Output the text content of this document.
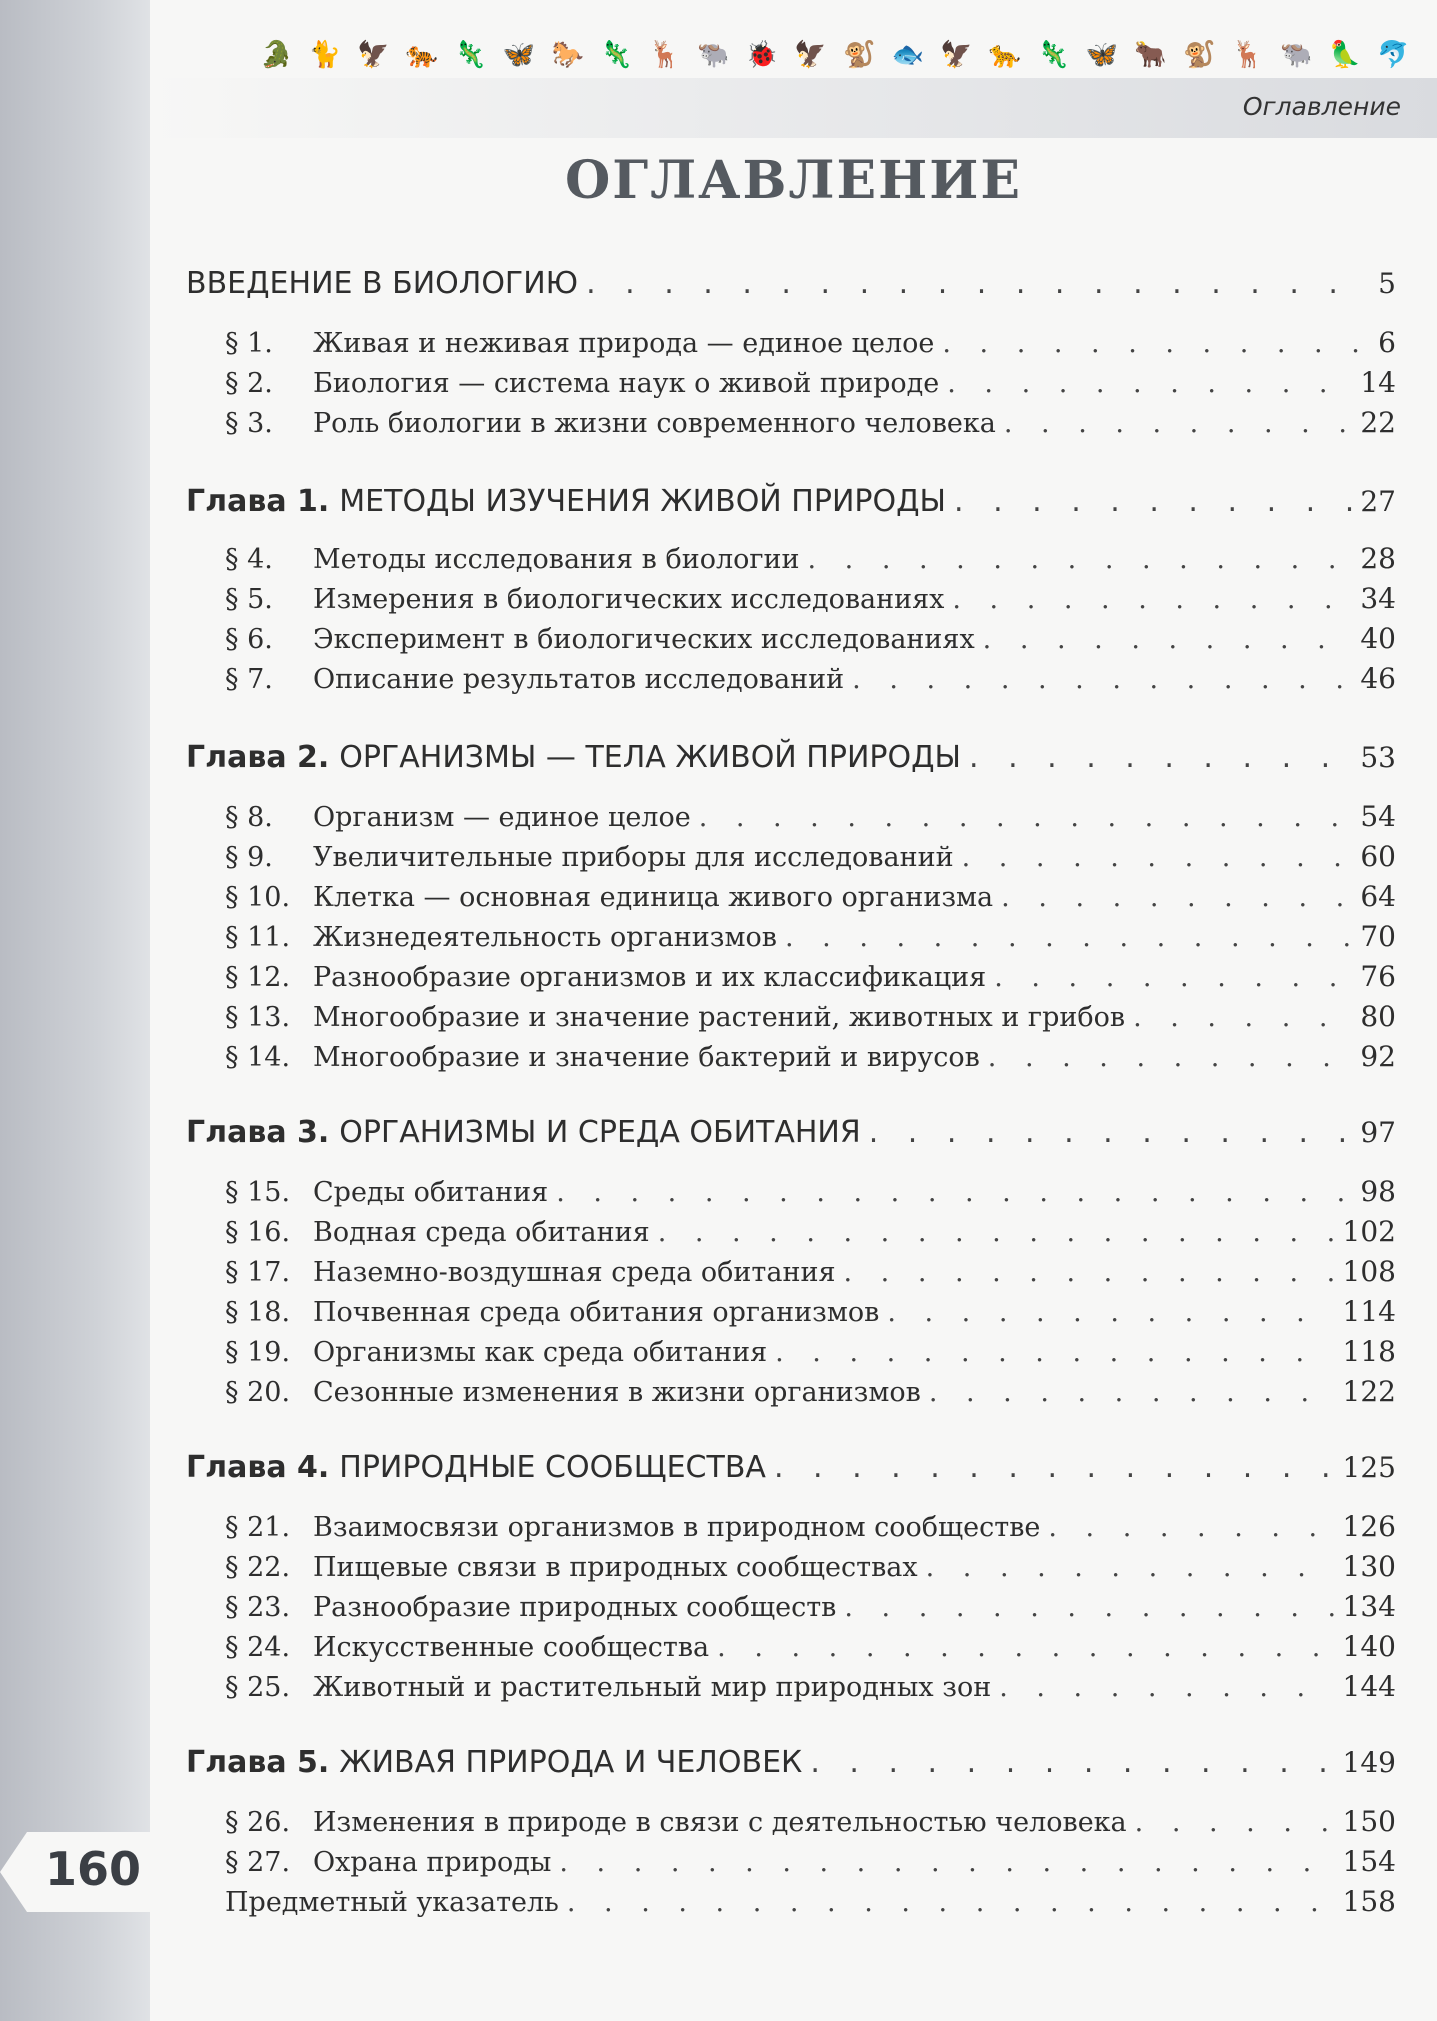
🐊 🐈 🦅 🐅 🦎 🦋 🐎 🦎 🦌 🐃 🐞 🦅 🐒 🐟 🦅 🐆 🦎 🦋 🐂 🐒 🦌 🐃 🦜 🐬
Оглавление
ОГЛАВЛЕНИЕ
ВВЕДЕНИЕ В БИОЛОГИЮ . . .	5
§ 1. Живая и неживая природа — единое целое . . .	6
§ 2. Биология — система наук о живой природе . . .	14
§ 3. Роль биологии в жизни современного человека . . .	22
Глава 1. МЕТОДЫ ИЗУЧЕНИЯ ЖИВОЙ ПРИРОДЫ . . .	27
§ 4. Методы исследования в биологии . . .	28
§ 5. Измерения в биологических исследованиях . . .	34
§ 6. Эксперимент в биологических исследованиях . . .	40
§ 7. Описание результатов исследований . . .	46
Глава 2. ОРГАНИЗМЫ — ТЕЛА ЖИВОЙ ПРИРОДЫ . . .	53
§ 8. Организм — единое целое . . .	54
§ 9. Увеличительные приборы для исследований . . .	60
§ 10. Клетка — основная единица живого организма . . .	64
§ 11. Жизнедеятельность организмов . . .	70
§ 12. Разнообразие организмов и их классификация . . .	76
§ 13. Многообразие и значение растений, животных и грибов . . .	80
§ 14. Многообразие и значение бактерий и вирусов . . .	92
Глава 3. ОРГАНИЗМЫ И СРЕДА ОБИТАНИЯ . . .	97
§ 15. Среды обитания . . .	98
§ 16. Водная среда обитания . . .	102
§ 17. Наземно-воздушная среда обитания . . .	108
§ 18. Почвенная среда обитания организмов . . .	114
§ 19. Организмы как среда обитания . . .	118
§ 20. Сезонные изменения в жизни организмов . . .	122
Глава 4. ПРИРОДНЫЕ СООБЩЕСТВА . . .	125
§ 21. Взаимосвязи организмов в природном сообществе . . .	126
§ 22. Пищевые связи в природных сообществах . . .	130
§ 23. Разнообразие природных сообществ . . .	134
§ 24. Искусственные сообщества . . .	140
§ 25. Животный и растительный мир природных зон . . .	144
Глава 5. ЖИВАЯ ПРИРОДА И ЧЕЛОВЕК . . .	149
§ 26. Изменения в природе в связи с деятельностью человека . . .	150
§ 27. Охрана природы . . .	154
Предметный указатель . . .	158
160
